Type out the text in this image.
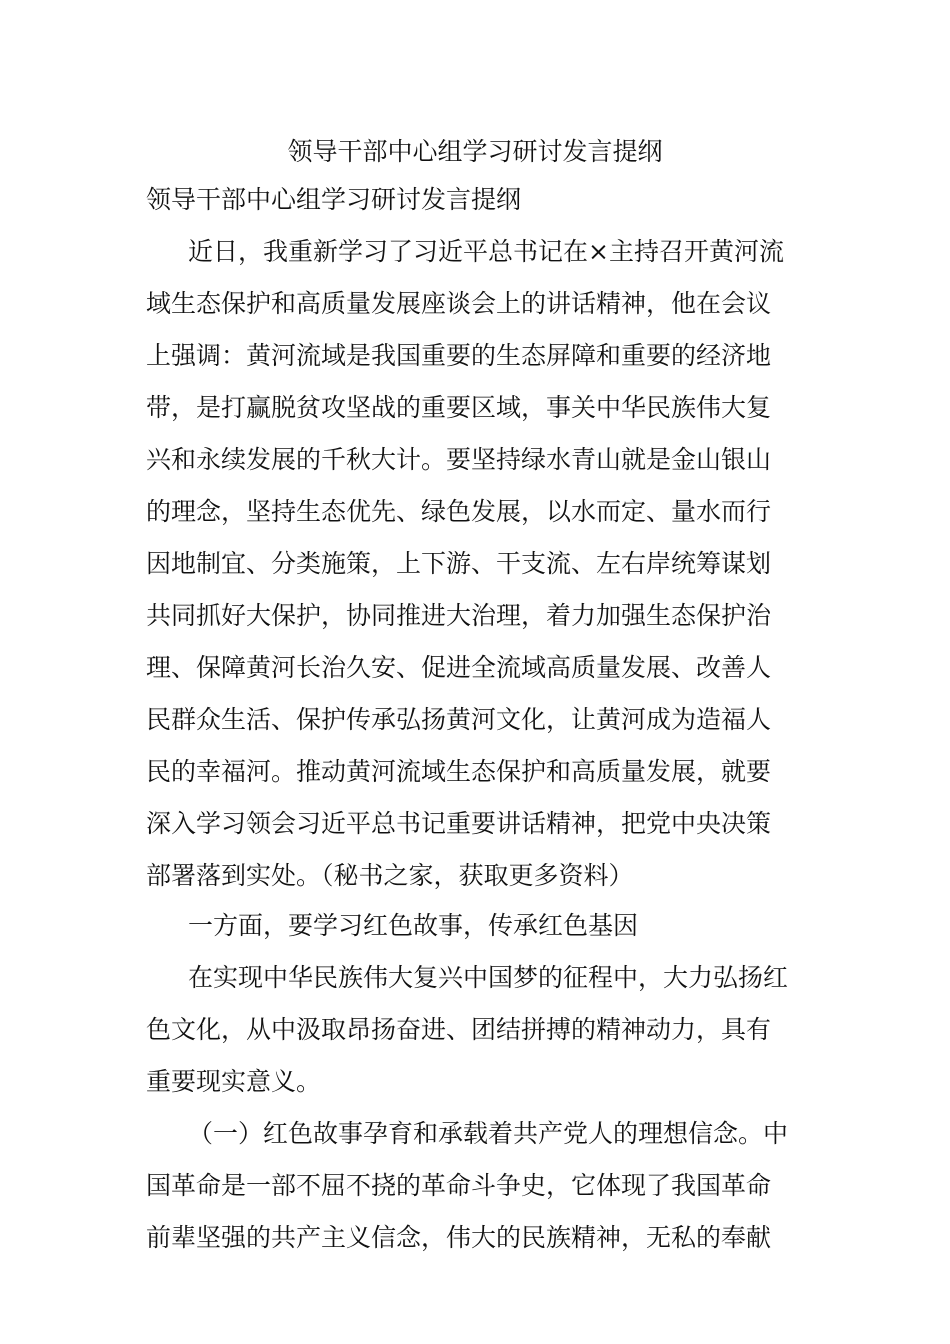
领导干部中心组学习研讨发言提纲

领导干部中心组学习研讨发言提纲

近日，我重新学习了习近平总书记在×主持召开黄河流

域生态保护和高质量发展座谈会上的讲话精神，他在会议

上强调：黄河流域是我国重要的生态屏障和重要的经济地

带，是打赢脱贫攻坚战的重要区域，事关中华民族伟大复

兴和永续发展的千秋大计。要坚持绿水青山就是金山银山

的理念，坚持生态优先、绿色发展，以水而定、量水而行

因地制宜、分类施策，上下游、干支流、左右岸统筹谋划

共同抓好大保护，协同推进大治理，着力加强生态保护治

理、保障黄河长治久安、促进全流域高质量发展、改善人

民群众生活、保护传承弘扬黄河文化，让黄河成为造福人

民的幸福河。推动黄河流域生态保护和高质量发展，就要

深入学习领会习近平总书记重要讲话精神，把党中央决策

部署落到实处。（秘书之家，获取更多资料）

一方面，要学习红色故事，传承红色基因

在实现中华民族伟大复兴中国梦的征程中，大力弘扬红

色文化，从中汲取昂扬奋进、团结拼搏的精神动力，具有

重要现实意义。

（一）红色故事孕育和承载着共产党人的理想信念。中

国革命是一部不屈不挠的革命斗争史，它体现了我国革命

前辈坚强的共产主义信念，伟大的民族精神，无私的奉献
